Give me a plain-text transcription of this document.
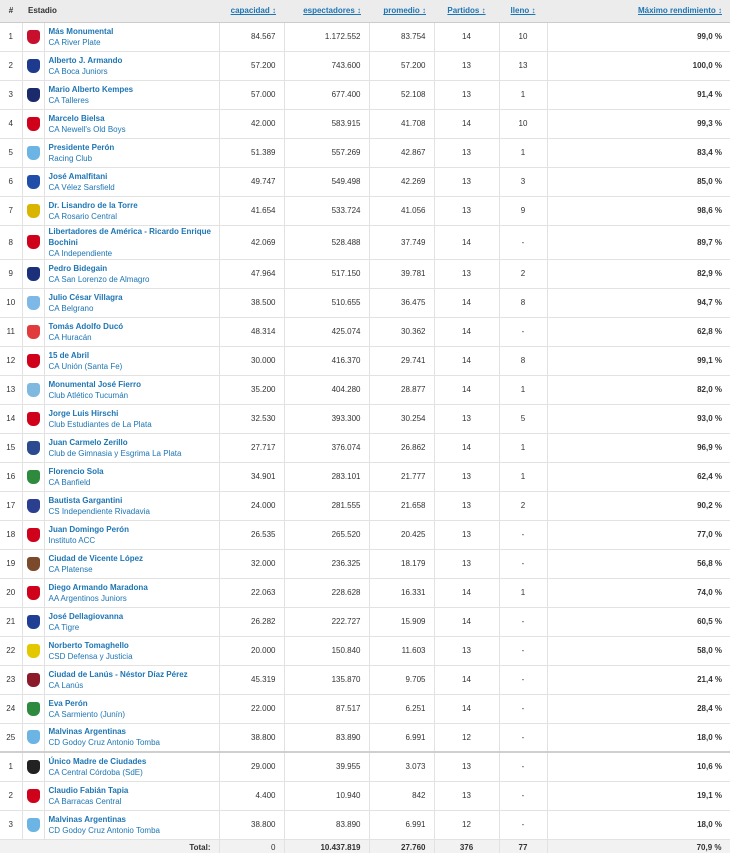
#	Estadio		capacidad ↕	espectadores ↕	promedio ↕	Partidos ↕	lleno ↕	Máximo rendimiento ↕
1		Más Monumental
CA River Plate	84.567	1.172.552	83.754	14	10	99,0 %
2		Alberto J. Armando
CA Boca Juniors	57.200	743.600	57.200	13	13	100,0 %
3		Mario Alberto Kempes
CA Talleres	57.000	677.400	52.108	13	1	91,4 %
4		Marcelo Bielsa
CA Newell's Old Boys	42.000	583.915	41.708	14	10	99,3 %
5		Presidente Perón
Racing Club	51.389	557.269	42.867	13	1	83,4 %
6		José Amalfitani
CA Vélez Sarsfield	49.747	549.498	42.269	13	3	85,0 %
7		Dr. Lisandro de la Torre
CA Rosario Central	41.654	533.724	41.056	13	9	98,6 %
8		Libertadores de América - Ricardo Enrique Bochini
CA Independiente	42.069	528.488	37.749	14	-	89,7 %
9		Pedro Bidegain
CA San Lorenzo de Almagro	47.964	517.150	39.781	13	2	82,9 %
10		Julio César Villagra
CA Belgrano	38.500	510.655	36.475	14	8	94,7 %
11		Tomás Adolfo Ducó
CA Huracán	48.314	425.074	30.362	14	-	62,8 %
12		15 de Abril
CA Unión (Santa Fe)	30.000	416.370	29.741	14	8	99,1 %
13		Monumental José Fierro
Club Atlético Tucumán	35.200	404.280	28.877	14	1	82,0 %
14		Jorge Luis Hirschi
Club Estudiantes de La Plata	32.530	393.300	30.254	13	5	93,0 %
15		Juan Carmelo Zerillo
Club de Gimnasia y Esgrima La Plata	27.717	376.074	26.862	14	1	96,9 %
16		Florencio Sola
CA Banfield	34.901	283.101	21.777	13	1	62,4 %
17		Bautista Gargantini
CS Independiente Rivadavia	24.000	281.555	21.658	13	2	90,2 %
18		Juan Domingo Perón
Instituto ACC	26.535	265.520	20.425	13	-	77,0 %
19		Ciudad de Vicente López
CA Platense	32.000	236.325	18.179	13	-	56,8 %
20		Diego Armando Maradona
AA Argentinos Juniors	22.063	228.628	16.331	14	1	74,0 %
21		José Dellagiovanna
CA Tigre	26.282	222.727	15.909	14	-	60,5 %
22		Norberto Tomaghello
CSD Defensa y Justicia	20.000	150.840	11.603	13	-	58,0 %
23		Ciudad de Lanús - Néstor Díaz Pérez
CA Lanús	45.319	135.870	9.705	14	-	21,4 %
24		Eva Perón
CA Sarmiento (Junín)	22.000	87.517	6.251	14	-	28,4 %
25		Malvinas Argentinas
CD Godoy Cruz Antonio Tomba	38.800	83.890	6.991	12	-	18,0 %
1		Único Madre de Ciudades
CA Central Córdoba (SdE)	29.000	39.955	3.073	13	-	10,6 %
2		Claudio Fabián Tapia
CA Barracas Central	4.400	10.940	842	13	-	19,1 %
3		Malvinas Argentinas
CD Godoy Cruz Antonio Tomba	38.800	83.890	6.991	12	-	18,0 %
Total:			0	10.437.819	27.760	376	77	70,9 %
